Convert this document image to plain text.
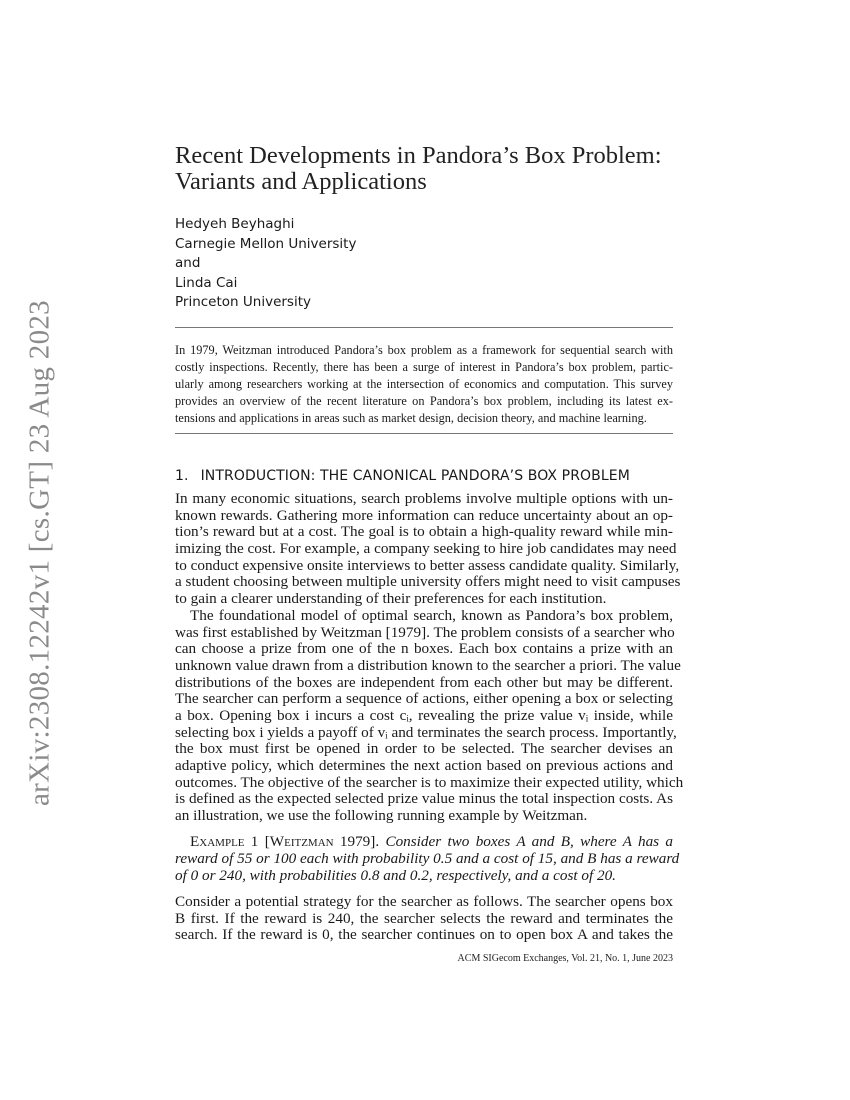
arXiv:2308.12242v1 [cs.GT] 23 Aug 2023
Recent Developments in Pandora’s Box Problem:
Variants and Applications
Hedyeh Beyhaghi
Carnegie Mellon University
and
Linda Cai
Princeton University
In 1979, Weitzman introduced Pandora’s box problem as a framework for sequential search with
costly inspections. Recently, there has been a surge of interest in Pandora’s box problem, partic-
ularly among researchers working at the intersection of economics and computation. This survey
provides an overview of the recent literature on Pandora’s box problem, including its latest ex-
tensions and applications in areas such as market design, decision theory, and machine learning.
1. INTRODUCTION: THE CANONICAL PANDORA’S BOX PROBLEM
In many economic situations, search problems involve multiple options with un-
known rewards. Gathering more information can reduce uncertainty about an op-
tion’s reward but at a cost. The goal is to obtain a high-quality reward while min-
imizing the cost. For example, a company seeking to hire job candidates may need
to conduct expensive onsite interviews to better assess candidate quality. Similarly,
a student choosing between multiple university offers might need to visit campuses
to gain a clearer understanding of their preferences for each institution.
The foundational model of optimal search, known as Pandora’s box problem,
was first established by Weitzman [1979]. The problem consists of a searcher who
can choose a prize from one of the n boxes. Each box contains a prize with an
unknown value drawn from a distribution known to the searcher a priori. The value
distributions of the boxes are independent from each other but may be different.
The searcher can perform a sequence of actions, either opening a box or selecting
a box. Opening box i incurs a cost cᵢ, revealing the prize value vᵢ inside, while
selecting box i yields a payoff of vᵢ and terminates the search process. Importantly,
the box must first be opened in order to be selected. The searcher devises an
adaptive policy, which determines the next action based on previous actions and
outcomes. The objective of the searcher is to maximize their expected utility, which
is defined as the expected selected prize value minus the total inspection costs. As
an illustration, we use the following running example by Weitzman.
Example 1 [Weitzman 1979]. Consider two boxes A and B, where A has a
reward of 55 or 100 each with probability 0.5 and a cost of 15, and B has a reward
of 0 or 240, with probabilities 0.8 and 0.2, respectively, and a cost of 20.
Consider a potential strategy for the searcher as follows. The searcher opens box
B first. If the reward is 240, the searcher selects the reward and terminates the
search. If the reward is 0, the searcher continues on to open box A and takes the
ACM SIGecom Exchanges, Vol. 21, No. 1, June 2023
